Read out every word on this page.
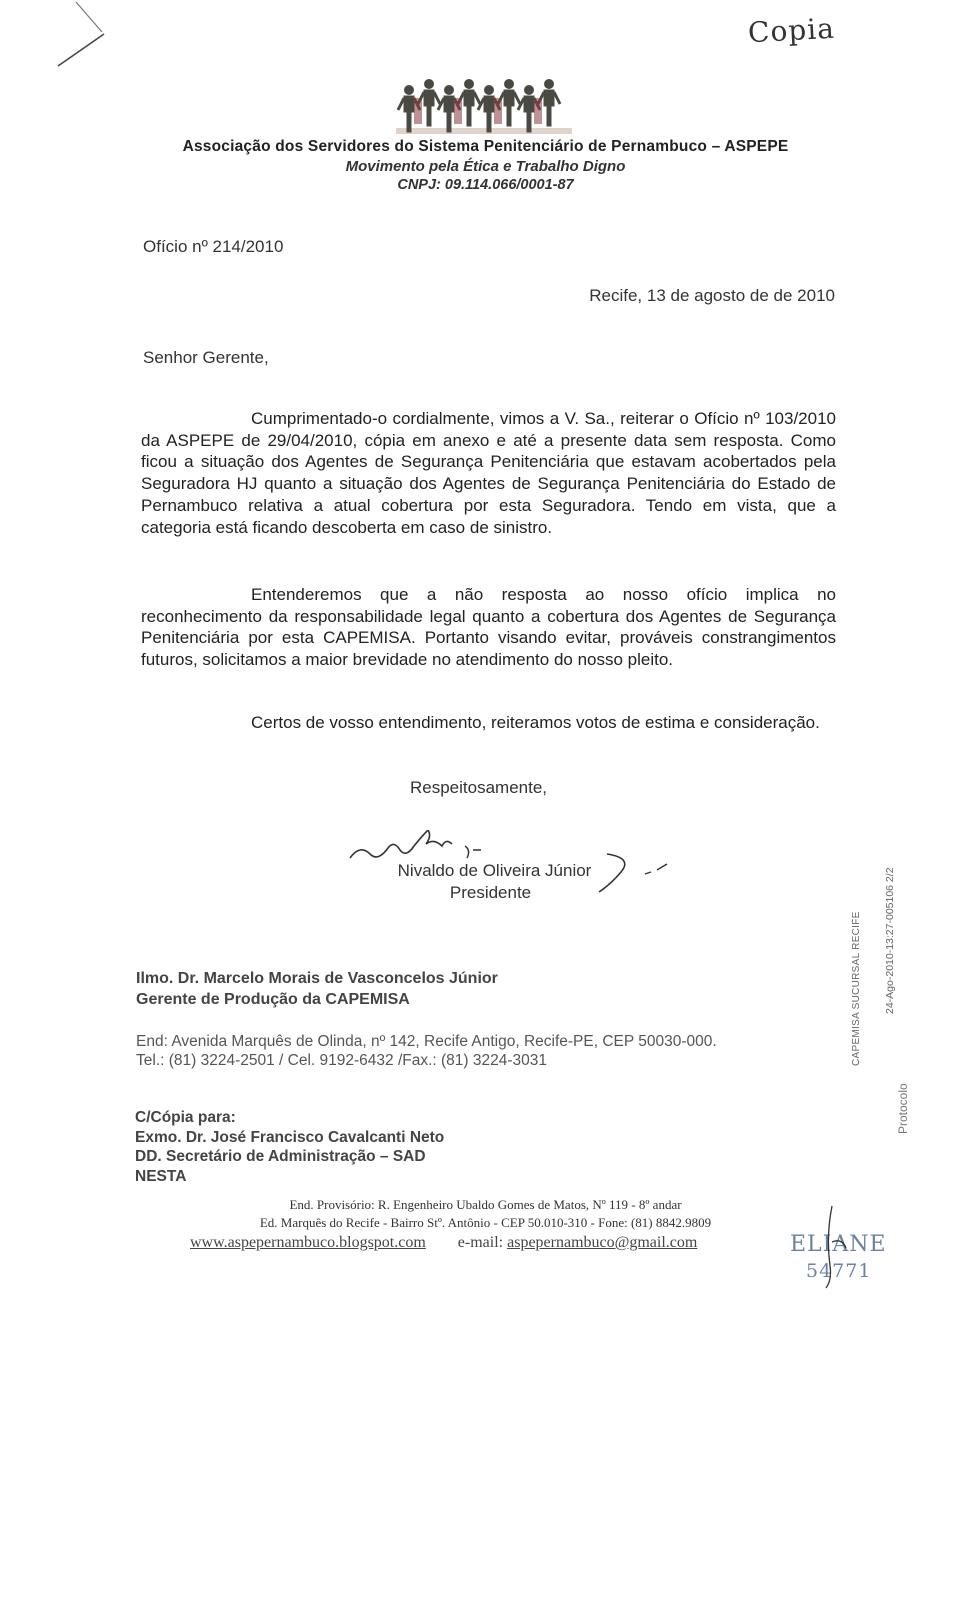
Copia
Associação dos Servidores do Sistema Penitenciário de Pernambuco – ASPEPE
Movimento pela Ética e Trabalho Digno
CNPJ: 09.114.066/0001-87
Ofício nº 214/2010
Recife, 13 de agosto de de 2010
Senhor Gerente,

Cumprimentado-o cordialmente, vimos a V. Sa., reiterar o Ofício nº 103/2010 da ASPEPE de 29/04/2010, cópia em anexo e até a presente data sem resposta. Como ficou a situação dos Agentes de Segurança Penitenciária que estavam acobertados pela Seguradora HJ quanto a situação dos Agentes de Segurança Penitenciária do Estado de Pernambuco relativa a atual cobertura por esta Seguradora. Tendo em vista, que a categoria está ficando descoberta em caso de sinistro.

Entenderemos que a não resposta ao nosso ofício implica no reconhecimento da responsabilidade legal quanto a cobertura dos Agentes de Segurança Penitenciária por esta CAPEMISA. Portanto visando evitar, prováveis constrangimentos futuros, solicitamos a maior brevidade no atendimento do nosso pleito.

Certos de vosso entendimento, reiteramos votos de estima e consideração.

Respeitosamente,
Nivaldo de Oliveira Júnior
Presidente
Ilmo. Dr. Marcelo Morais de Vasconcelos Júnior
Gerente de Produção da CAPEMISA
End: Avenida Marquês de Olinda, nº 142, Recife Antigo, Recife-PE, CEP 50030-000.
Tel.: (81) 3224-2501 / Cel. 9192-6432 /Fax.: (81) 3224-3031
C/Cópia para:
Exmo. Dr. José Francisco Cavalcanti Neto
DD. Secretário de Administração – SAD
NESTA
End. Provisório: R. Engenheiro Ubaldo Gomes de Matos, Nº 119 - 8º andar
Ed. Marquês do Recife - Bairro Stº. Antônio - CEP 50.010-310 - Fone: (81) 8842.9809
www.aspepernambuco.blogspot.com e-mail: aspepernambuco@gmail.com
CAPEMISA SUCURSAL RECIFE 24-Ago-2010-13:27-005106 2/2
Protocolo
ELIANE
54771
